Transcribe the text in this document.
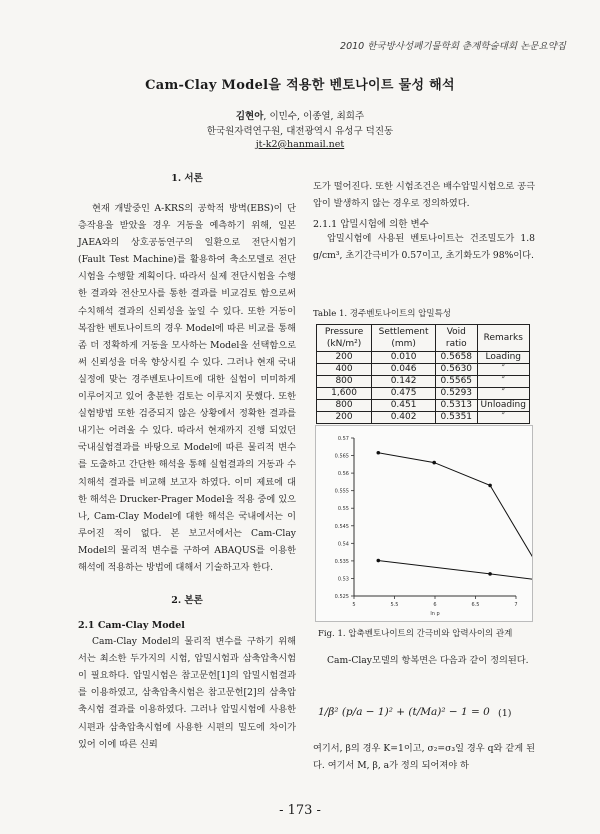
2010 한국방사성폐기물학회 춘계학술대회 논문요약집
Cam-Clay Model을 적용한 벤토나이트 물성 해석
김현아, 이민수, 이종열, 최희주
한국원자력연구원, 대전광역시 유성구 덕진동
jt-k2@hanmail.net
1. 서론

현재 개발중인 A-KRS의 공학적 방벽(EBS)이 단층작용을 받았을 경우 거동을 예측하기 위해, 일본 JAEA와의 상호공동연구의 일환으로 전단시험기(Fault Test Machine)를 활용하여 축소모델로 전단시험을 수행할 계획이다. 따라서 실제 전단시험을 수행한 결과와 전산모사를 통한 결과를 비교검토 함으로써 수치해석 결과의 신뢰성을 높일 수 있다. 또한 거동이 복잡한 벤토나이트의 경우 Model에 따른 비교를 통해 좀 더 정확하게 거동을 모사하는 Model을 선택함으로써 신뢰성을 더욱 향상시킬 수 있다. 그러나 현재 국내실정에 맞는 경주벤토나이트에 대한 실험이 미미하게 이루어지고 있어 충분한 검토는 이루지지 못했다. 또한 실험방법 또한 검증되지 않은 상황에서 정확한 결과를 내기는 어려울 수 있다. 따라서 현재까지 진행 되었던 국내실험결과를 바탕으로 Model에 따른 물리적 변수를 도출하고 간단한 해석을 통해 실험결과의 거동과 수치해석 결과를 비교해 보고자 하였다. 이미 제료에 대한 해석은 Drucker-Prager Model을 적용 중에 있으나, Cam-Clay Model에 대한 해석은 국내에서는 이루어진 적이 없다. 본 보고서에서는 Cam-Clay Model의 물리적 변수를 구하여 ABAQUS를 이용한 해석에 적용하는 방법에 대해서 기술하고자 한다.

2. 본론
2.1 Cam-Clay Model

Cam-Clay Model의 물리적 변수를 구하기 위해서는 최소한 두가지의 시험, 압밀시험과 삼축압축시험이 필요하다. 압밀시험은 참고문헌[1]의 압밀시험결과를 이용하였고, 삼축압축시험은 참고문헌[2]의 삼축압축시험 결과를 이용하였다. 그러나 압밀시험에 사용한 시편과 삼축압축시험에 사용한 시편의 밀도에 차이가 있어 이에 따른 신뢰

도가 떨어진다. 또한 시험조건은 배수압밀시험으로 공극압이 발생하지 않는 경우로 정의하였다.

2.1.1 압밀시험에 의한 변수

압밀시험에 사용된 벤토나이트는 건조밀도가 1.8 g/cm³, 초기간극비가 0.57이고, 초기화도가 98%이다.

Table 1. 경주벤토나이트의 압밀특성
Pressure (kN/m²)	Settlement (mm)	Void ratio	Remarks
200	0.010	0.5658	Loading
400	0.046	0.5630	″
800	0.142	0.5565	″
1,600	0.475	0.5293	″
800	0.451	0.5313	Unloading
200	0.402	0.5351	″
0.525
0.53
0.535
0.54
0.545
0.55
0.555
0.56
0.565
0.57
5	5.5	6	6.5	7
ln p
Fig. 1. 압축벤토나이트의 간극비와 압력사이의 관계

Cam-Clay모델의 항복면은 다음과 같이 정의된다.

1/β² (p/a − 1)² + (t/Ma)² − 1 = 0 (1)

여기서, β의 경우 K=1이고, σ₂=σ₃일 경우 q와 같게 된다. 여기서 M, β, a가 정의 되어져야 하

- 173 -
